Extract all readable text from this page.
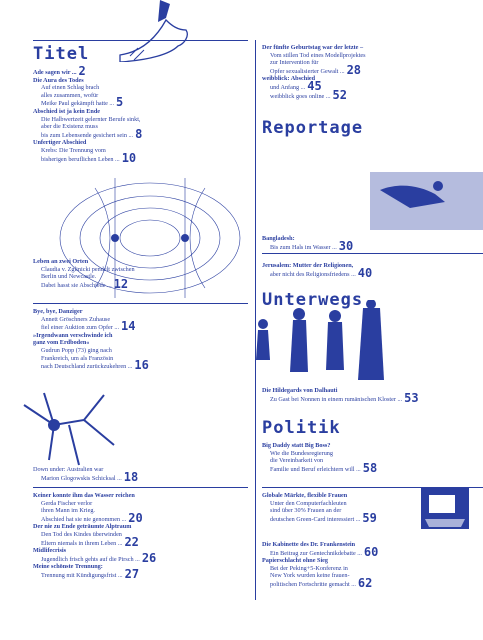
Titel
Ade sagen wir ... 2
Die Aura des Todes
Auf einen Schlag brach
alles zusammen, wofür
Meike Paul gekämpft hatte ... 5
Abschied ist ja kein Ende
Die Halbwertzeit gelernter Berufe sinkt,
aber die Existenz muss
bis zum Lebensende gesichert sein ... 8
Unfertiger Abschied
Krebs: Die Trennung vom
bisherigen beruflichen Leben ... 10
Der fünfte Geburtstag war der letzte –
Vom stillen Tod eines Modellprojektes
zur Intervention für
Opfer sexualisierter Gewalt ... 28
weibblick: Abschied
und Anfang ... 45
weibblick goes online ... 52
Reportage
Bangladesh:
Bis zum Hals im Wasser ... 30
Jerusalem: Mutter der Religionen,
aber nicht des Religionsfriedens ... 40
Unterwegs
Die Hildegards von Dalhauti
Zu Gast bei Nonnen in einem rumänischen Kloster ... 53
Politik
Big Daddy statt Big Boss?
Wie die Bundesregierung
die Vereinbarkeit von
Familie und Beruf erleichtern will ... 58
Globale Märkte, flexible Frauen
Unter den Computerfachleuten
sind über 30% Frauen an der
deutschen Green-Card interessiert ... 59
Die Kabinette des Dr. Frankenstein
Ein Beitrag zur Gentechnikdebatte ... 60
Papierschlacht ohne Sieg
Bei der Peking+5-Konferenz in
New York wurden keine frauen-
politischen Fortschritte gemacht ... 62
Leben an zwei Orten
Claudia v. Zglinicki pendelt zwischen
Berlin und Newcastle.
Dabei hasst sie Abschiede ... 12
Bye, bye, Danziger
Annett Gröschners Zuhause
fiel einer Auktion zum Opfer ... 14
»Irgendwann verschwinde ich
ganz vom Erdboden«
Gudrun Popp (73) ging nach
Frankreich, um als Französin
nach Deutschland zurückzukehren ... 16
Down under: Australien war
Marion Glogowskis Schicksal ... 18
Keiner konnte ihm das Wasser reichen
Gerda Fischer verlor
ihren Mann im Krieg.
Abschied hat sie nie genommen ... 20
Der nie zu Ende geträumte Alptraum
Den Tod des Kindes überwinden
Eltern niemals in ihrem Leben ... 22
Midlifecrisis
Jugendlich frisch gehts auf die Pirsch ... 26
Meine schönste Trennung:
Trennung mit Kündigungsfrist ... 27
